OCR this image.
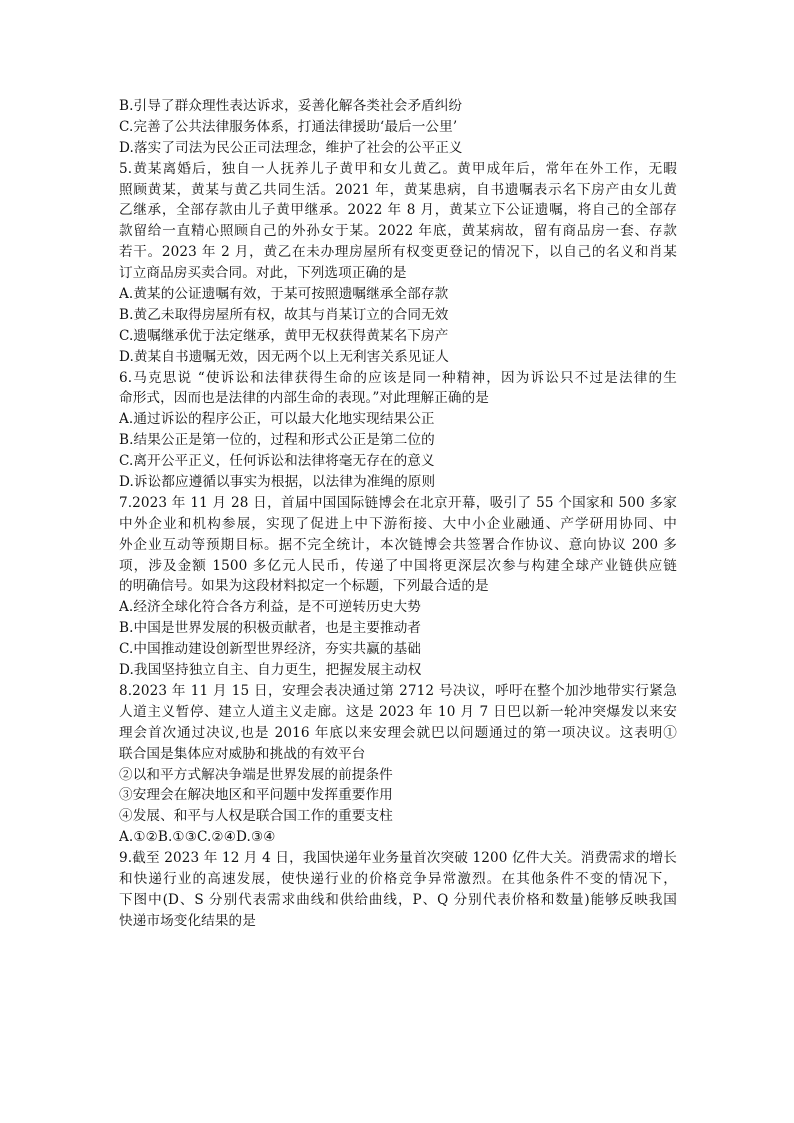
B.引导了群众理性表达诉求，妥善化解各类社会矛盾纠纷
C.完善了公共法律服务体系，打通法律援助‘最后一公里’
D.落实了司法为民公正司法理念，维护了社会的公平正义
5.黄某离婚后，独自一人抚养儿子黄甲和女儿黄乙。黄甲成年后，常年在外工作，无暇
照顾黄某，黄某与黄乙共同生活。2021 年，黄某患病，自书遗嘱表示名下房产由女儿黄
乙继承，全部存款由儿子黄甲继承。2022 年 8 月，黄某立下公证遗嘱，将自己的全部存
款留给一直精心照顾自己的外孙女于某。2022 年底，黄某病故，留有商品房一套、存款
若干。2023 年 2 月，黄乙在未办理房屋所有权变更登记的情况下，以自己的名义和肖某
订立商品房买卖合同。对此，下列选项正确的是
A.黄某的公证遗嘱有效，于某可按照遗嘱继承全部存款
B.黄乙未取得房屋所有权，故其与肖某订立的合同无效
C.遗嘱继承优于法定继承，黄甲无权获得黄某名下房产
D.黄某自书遗嘱无效，因无两个以上无利害关系见证人
6.马克思说 “使诉讼和法律获得生命的应该是同一种精神，因为诉讼只不过是法律的生
命形式，因而也是法律的内部生命的表现。”对此理解正确的是
A.通过诉讼的程序公正，可以最大化地实现结果公正
B.结果公正是第一位的，过程和形式公正是第二位的
C.离开公平正义，任何诉讼和法律将毫无存在的意义
D.诉讼都应遵循以事实为根据，以法律为准绳的原则
7.2023 年 11 月 28 日，首届中国国际链博会在北京开幕，吸引了 55 个国家和 500 多家
中外企业和机构参展，实现了促进上中下游衔接、大中小企业融通、产学研用协同、中
外企业互动等预期目标。据不完全统计，本次链博会共签署合作协议、意向协议 200 多
项，涉及金额 1500 多亿元人民币，传递了中国将更深层次参与构建全球产业链供应链
的明确信号。如果为这段材料拟定一个标题，下列最合适的是
A.经济全球化符合各方利益，是不可逆转历史大势
B.中国是世界发展的积极贡献者，也是主要推动者
C.中国推动建设创新型世界经济，夯实共赢的基础
D.我国坚持独立自主、自力更生，把握发展主动权
8.2023 年 11 月 15 日，安理会表决通过第 2712 号决议，呼吁在整个加沙地带实行紧急
人道主义暂停、建立人道主义走廊。这是 2023 年 10 月 7 日巴以新一轮冲突爆发以来安
理会首次通过决议,也是 2016 年底以来安理会就巴以问题通过的第一项决议。这表明①
联合国是集体应对威胁和挑战的有效平台
②以和平方式解决争端是世界发展的前提条件
③安理会在解决地区和平问题中发挥重要作用
④发展、和平与人权是联合国工作的重要支柱
A.①②B.①③C.②④D.③④
9.截至 2023 年 12 月 4 日，我国快递年业务量首次突破 1200 亿件大关。消费需求的增长
和快递行业的高速发展，使快递行业的价格竞争异常激烈。在其他条件不变的情况下，
下图中(D、S 分别代表需求曲线和供给曲线，P、Q 分别代表价格和数量)能够反映我国
快递市场变化结果的是
